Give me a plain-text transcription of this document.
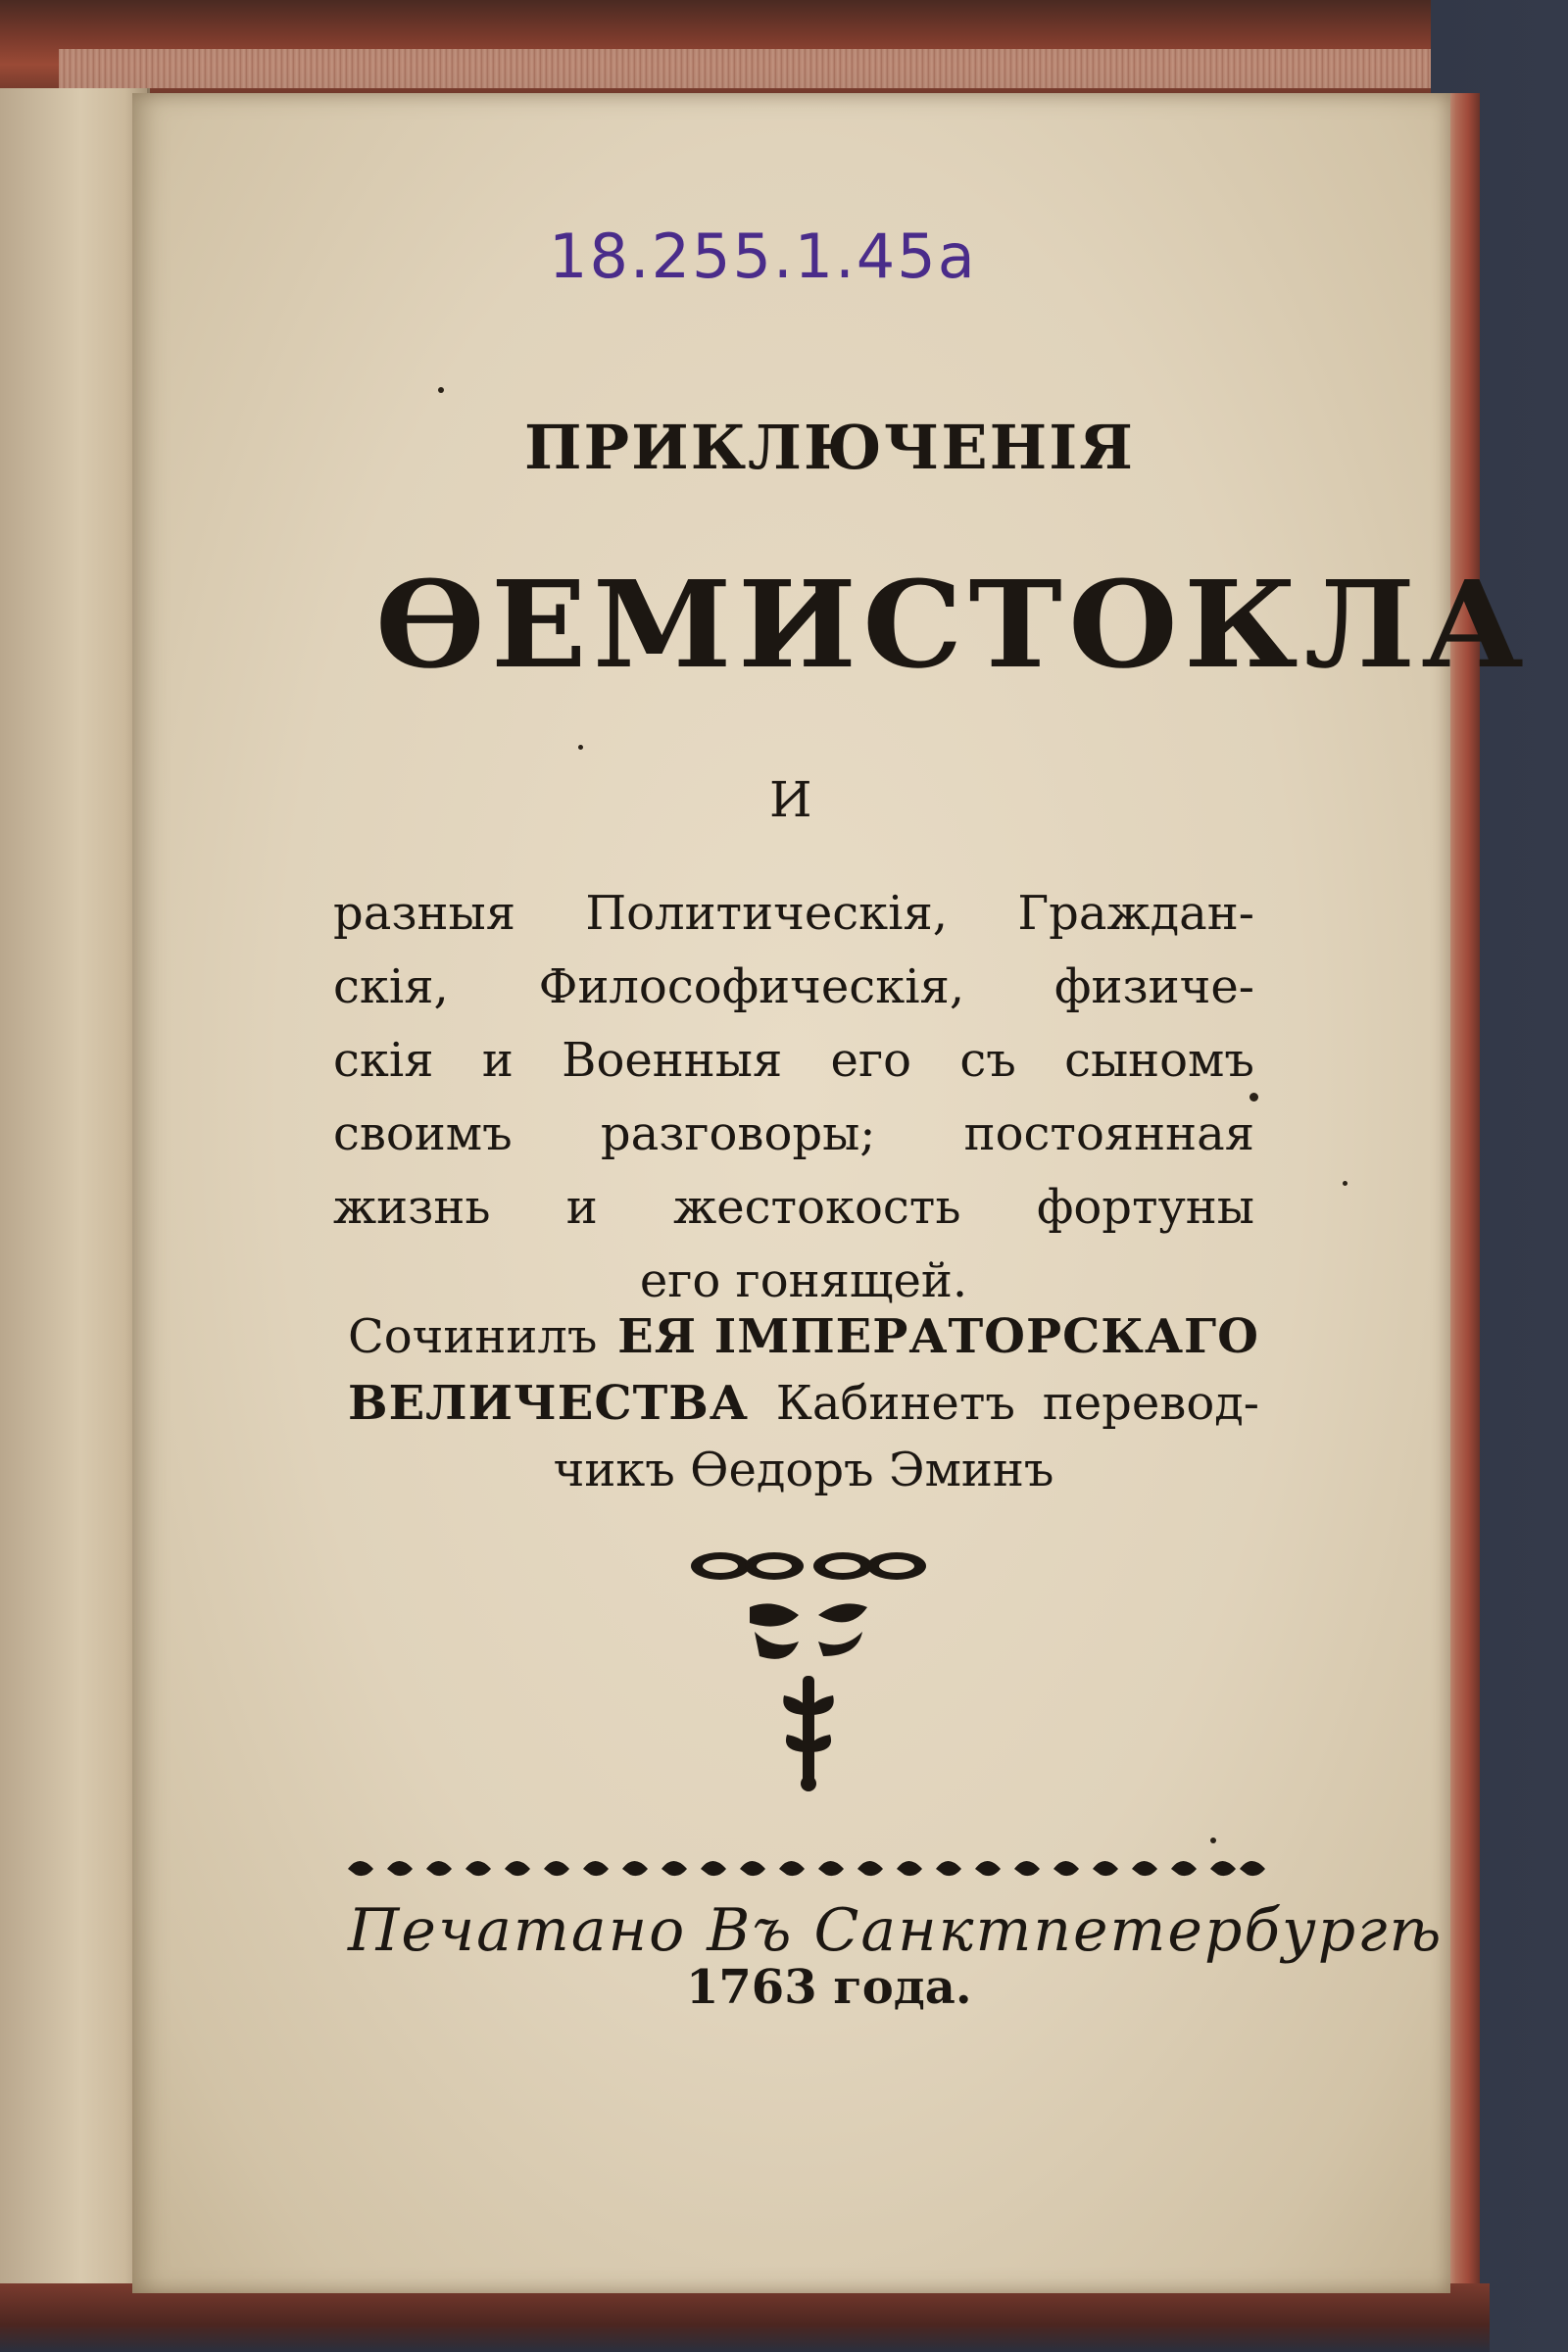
18.255.1.45а
ПРИКЛЮЧЕНІЯ
ѲЕМИСТОКЛА
И
разныя Политическія, Граждан-
скія, Философическія, физиче-
скія и Военныя его съ сыномъ
своимъ разговоры; постоянная
жизнь и жестокость фортуны
его гонящей.
Сочинилъ ЕЯ ІМПЕРАТОРСКАГО
ВЕЛИЧЕСТВА Кабинетъ перевод-
чикъ Ѳедоръ Эминъ
Печатано Въ Санктпетербургѣ
1763 года.
